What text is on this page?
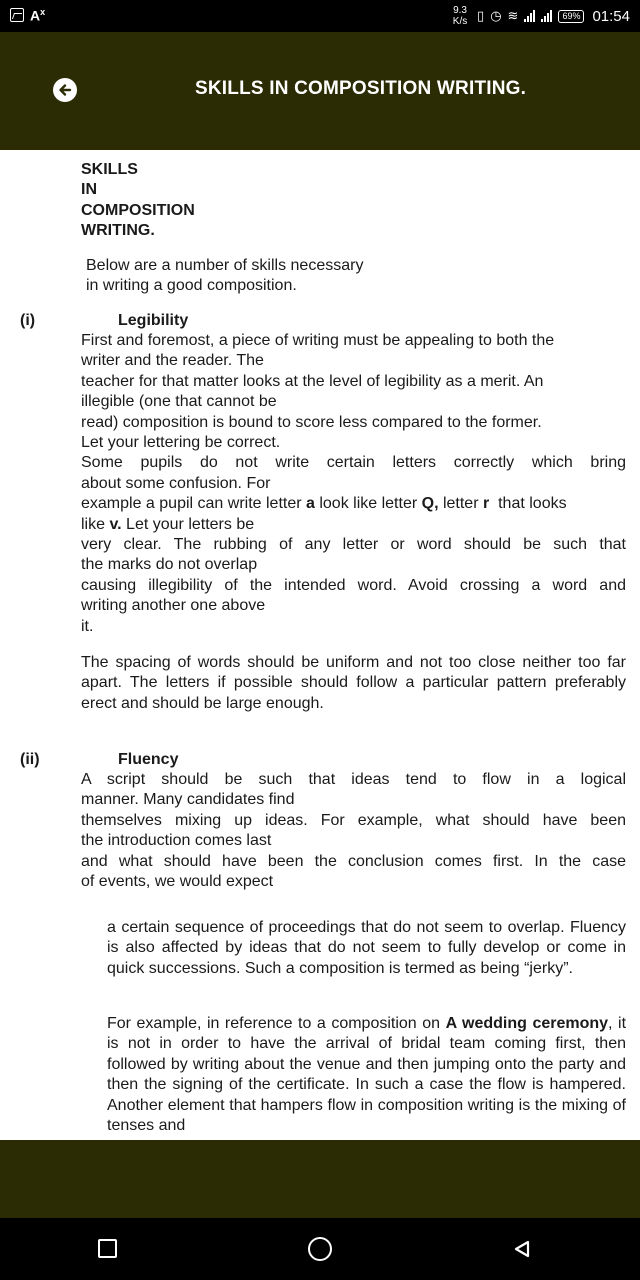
$A^x$	9.3
K/s ▯ ◷ ≋	69% 01:54
SKILLS IN COMPOSITION WRITING.
SKILLS
IN
COMPOSITION
WRITING.
Below are a number of skills necessary
in writing a good composition.
(i)	Legibility
First and foremost, a piece of writing must be appealing to both the
writer and the reader. The
teacher for that matter looks at the level of legibility as a merit. An
illegible (one that cannot be
read) composition is bound to score less compared to the former.
Let your lettering be correct.
Some pupils do not write certain letters correctly which bring
about some confusion. For
example a pupil can write letter a look like letter Q, letter r  that looks
like v. Let your letters be
very clear. The rubbing of any letter or word should be such that
the marks do not overlap
causing illegibility of the intended word. Avoid crossing a word and
writing another one above
it.
The spacing of words should be uniform and not too close neither too far apart. The letters if possible should follow a particular pattern preferably erect and should be large enough.
(ii)	Fluency
A script should be such that ideas tend to flow in a logical
manner. Many candidates find
themselves mixing up ideas. For example, what should have been
the introduction comes last
and what should have been the conclusion comes first. In the case
of events, we would expect
a certain sequence of proceedings that do not seem to overlap. Fluency is also affected by ideas that do not seem to fully develop or come in quick successions. Such a composition is termed as being “jerky”.
For example, in reference to a composition on A wedding ceremony, it is not in order to have the arrival of bridal team coming first, then followed by writing about the venue and then jumping onto the party and then the signing of the certificate. In such a case the flow is hampered. Another element that hampers flow in composition writing is the mixing of tenses and
